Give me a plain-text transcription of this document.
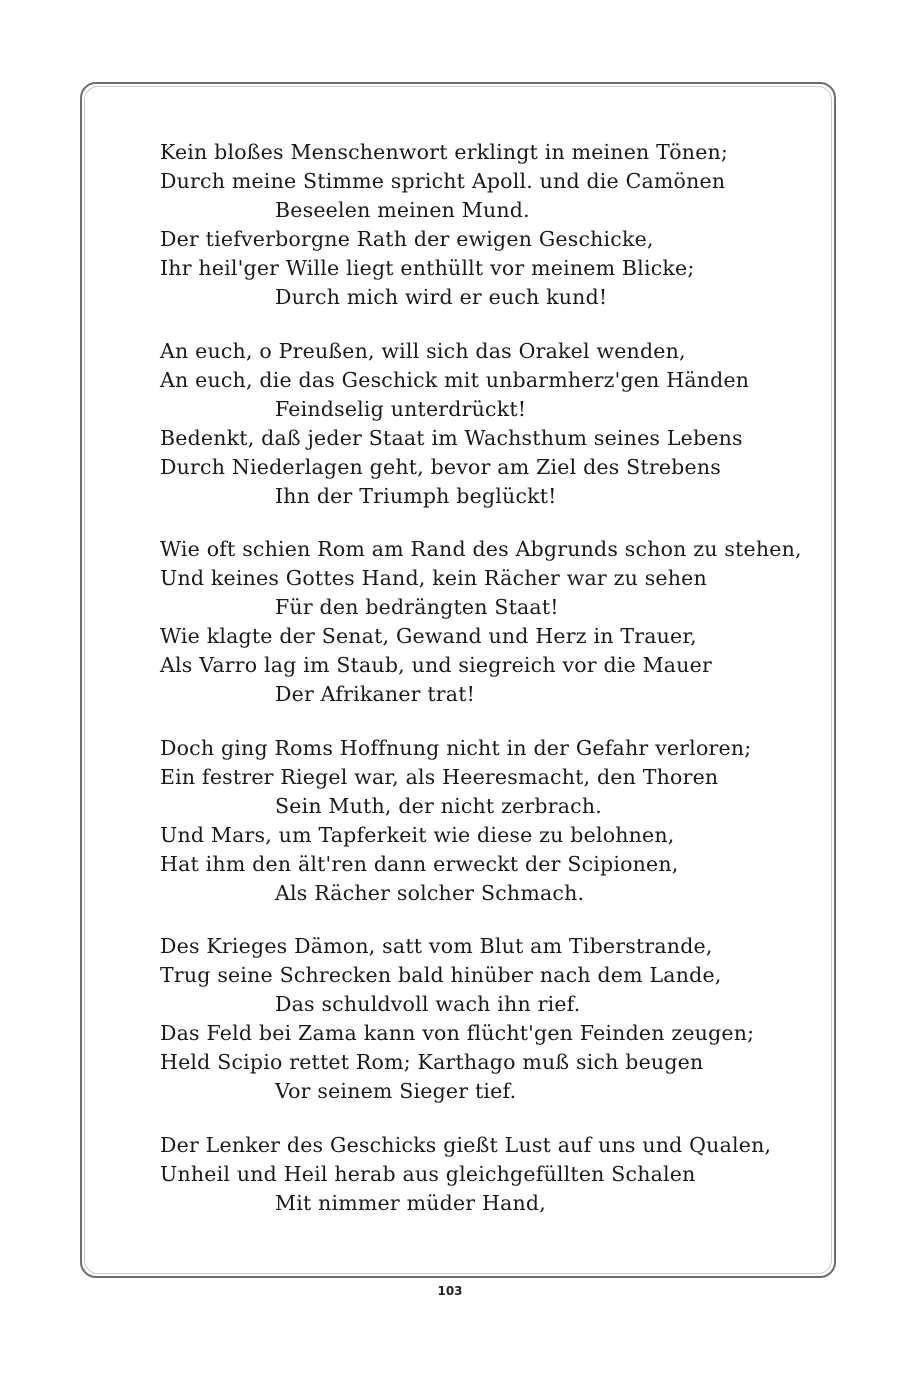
Kein bloßes Menschenwort erklingt in meinen Tönen;
Durch meine Stimme spricht Apoll. und die Camönen
Beseelen meinen Mund.
Der tiefverborgne Rath der ewigen Geschicke,
Ihr heil'ger Wille liegt enthüllt vor meinem Blicke;
Durch mich wird er euch kund!
An euch, o Preußen, will sich das Orakel wenden,
An euch, die das Geschick mit unbarmherz'gen Händen
Feindselig unterdrückt!
Bedenkt, daß jeder Staat im Wachsthum seines Lebens
Durch Niederlagen geht, bevor am Ziel des Strebens
Ihn der Triumph beglückt!
Wie oft schien Rom am Rand des Abgrunds schon zu stehen,
Und keines Gottes Hand, kein Rächer war zu sehen
Für den bedrängten Staat!
Wie klagte der Senat, Gewand und Herz in Trauer,
Als Varro lag im Staub, und siegreich vor die Mauer
Der Afrikaner trat!
Doch ging Roms Hoffnung nicht in der Gefahr verloren;
Ein festrer Riegel war, als Heeresmacht, den Thoren
Sein Muth, der nicht zerbrach.
Und Mars, um Tapferkeit wie diese zu belohnen,
Hat ihm den ält'ren dann erweckt der Scipionen,
Als Rächer solcher Schmach.
Des Krieges Dämon, satt vom Blut am Tiberstrande,
Trug seine Schrecken bald hinüber nach dem Lande,
Das schuldvoll wach ihn rief.
Das Feld bei Zama kann von flücht'gen Feinden zeugen;
Held Scipio rettet Rom; Karthago muß sich beugen
Vor seinem Sieger tief.
Der Lenker des Geschicks gießt Lust auf uns und Qualen,
Unheil und Heil herab aus gleichgefüllten Schalen
Mit nimmer müder Hand,
103
